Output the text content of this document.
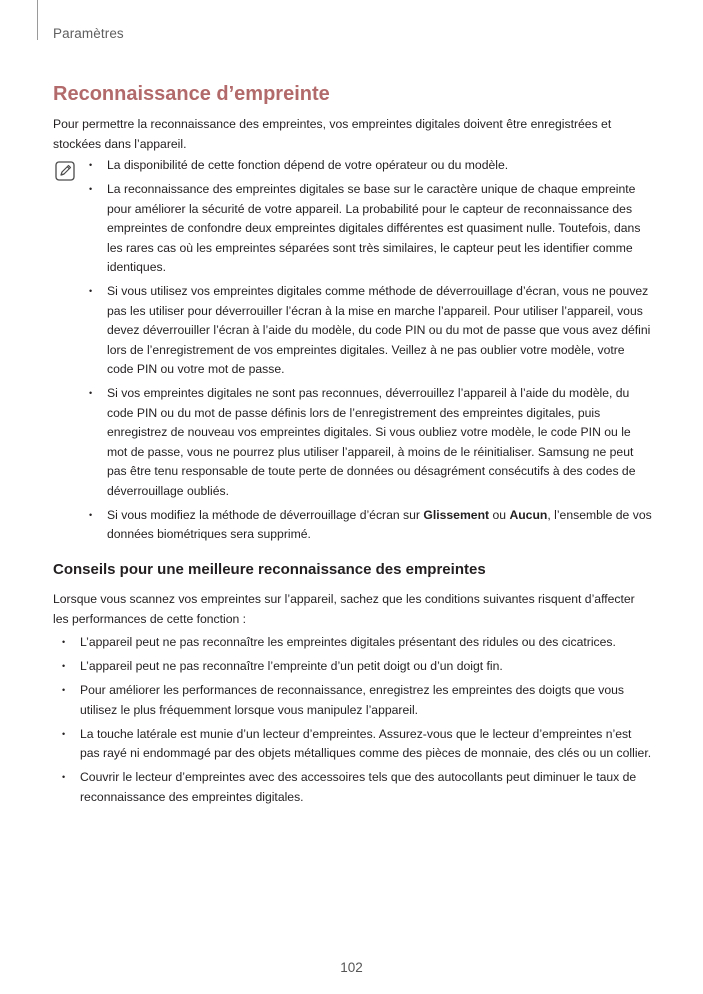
Paramètres
Reconnaissance d’empreinte

Pour permettre la reconnaissance des empreintes, vos empreintes digitales doivent être enregistrées et stockées dans l’appareil.

• La disponibilité de cette fonction dépend de votre opérateur ou du modèle.
• La reconnaissance des empreintes digitales se base sur le caractère unique de chaque empreinte pour améliorer la sécurité de votre appareil. La probabilité pour le capteur de reconnaissance des empreintes de confondre deux empreintes digitales différentes est quasiment nulle. Toutefois, dans les rares cas où les empreintes séparées sont très similaires, le capteur peut les identifier comme identiques.
• Si vous utilisez vos empreintes digitales comme méthode de déverrouillage d’écran, vous ne pouvez pas les utiliser pour déverrouiller l’écran à la mise en marche l’appareil. Pour utiliser l’appareil, vous devez déverrouiller l’écran à l’aide du modèle, du code PIN ou du mot de passe que vous avez défini lors de l’enregistrement de vos empreintes digitales. Veillez à ne pas oublier votre modèle, votre code PIN ou votre mot de passe.
• Si vos empreintes digitales ne sont pas reconnues, déverrouillez l’appareil à l’aide du modèle, du code PIN ou du mot de passe définis lors de l’enregistrement des empreintes digitales, puis enregistrez de nouveau vos empreintes digitales. Si vous oubliez votre modèle, le code PIN ou le mot de passe, vous ne pourrez plus utiliser l’appareil, à moins de le réinitialiser. Samsung ne peut pas être tenu responsable de toute perte de données ou désagrément consécutifs à des codes de déverrouillage oubliés.
• Si vous modifiez la méthode de déverrouillage d’écran sur Glissement ou Aucun, l’ensemble de vos données biométriques sera supprimé.
Conseils pour une meilleure reconnaissance des empreintes

Lorsque vous scannez vos empreintes sur l’appareil, sachez que les conditions suivantes risquent d’affecter les performances de cette fonction :

• L’appareil peut ne pas reconnaître les empreintes digitales présentant des ridules ou des cicatrices.
• L’appareil peut ne pas reconnaître l’empreinte d’un petit doigt ou d’un doigt fin.
• Pour améliorer les performances de reconnaissance, enregistrez les empreintes des doigts que vous utilisez le plus fréquemment lorsque vous manipulez l’appareil.
• La touche latérale est munie d’un lecteur d’empreintes. Assurez-vous que le lecteur d’empreintes n’est pas rayé ni endommagé par des objets métalliques comme des pièces de monnaie, des clés ou un collier.
• Couvrir le lecteur d’empreintes avec des accessoires tels que des autocollants peut diminuer le taux de reconnaissance des empreintes digitales.
102
